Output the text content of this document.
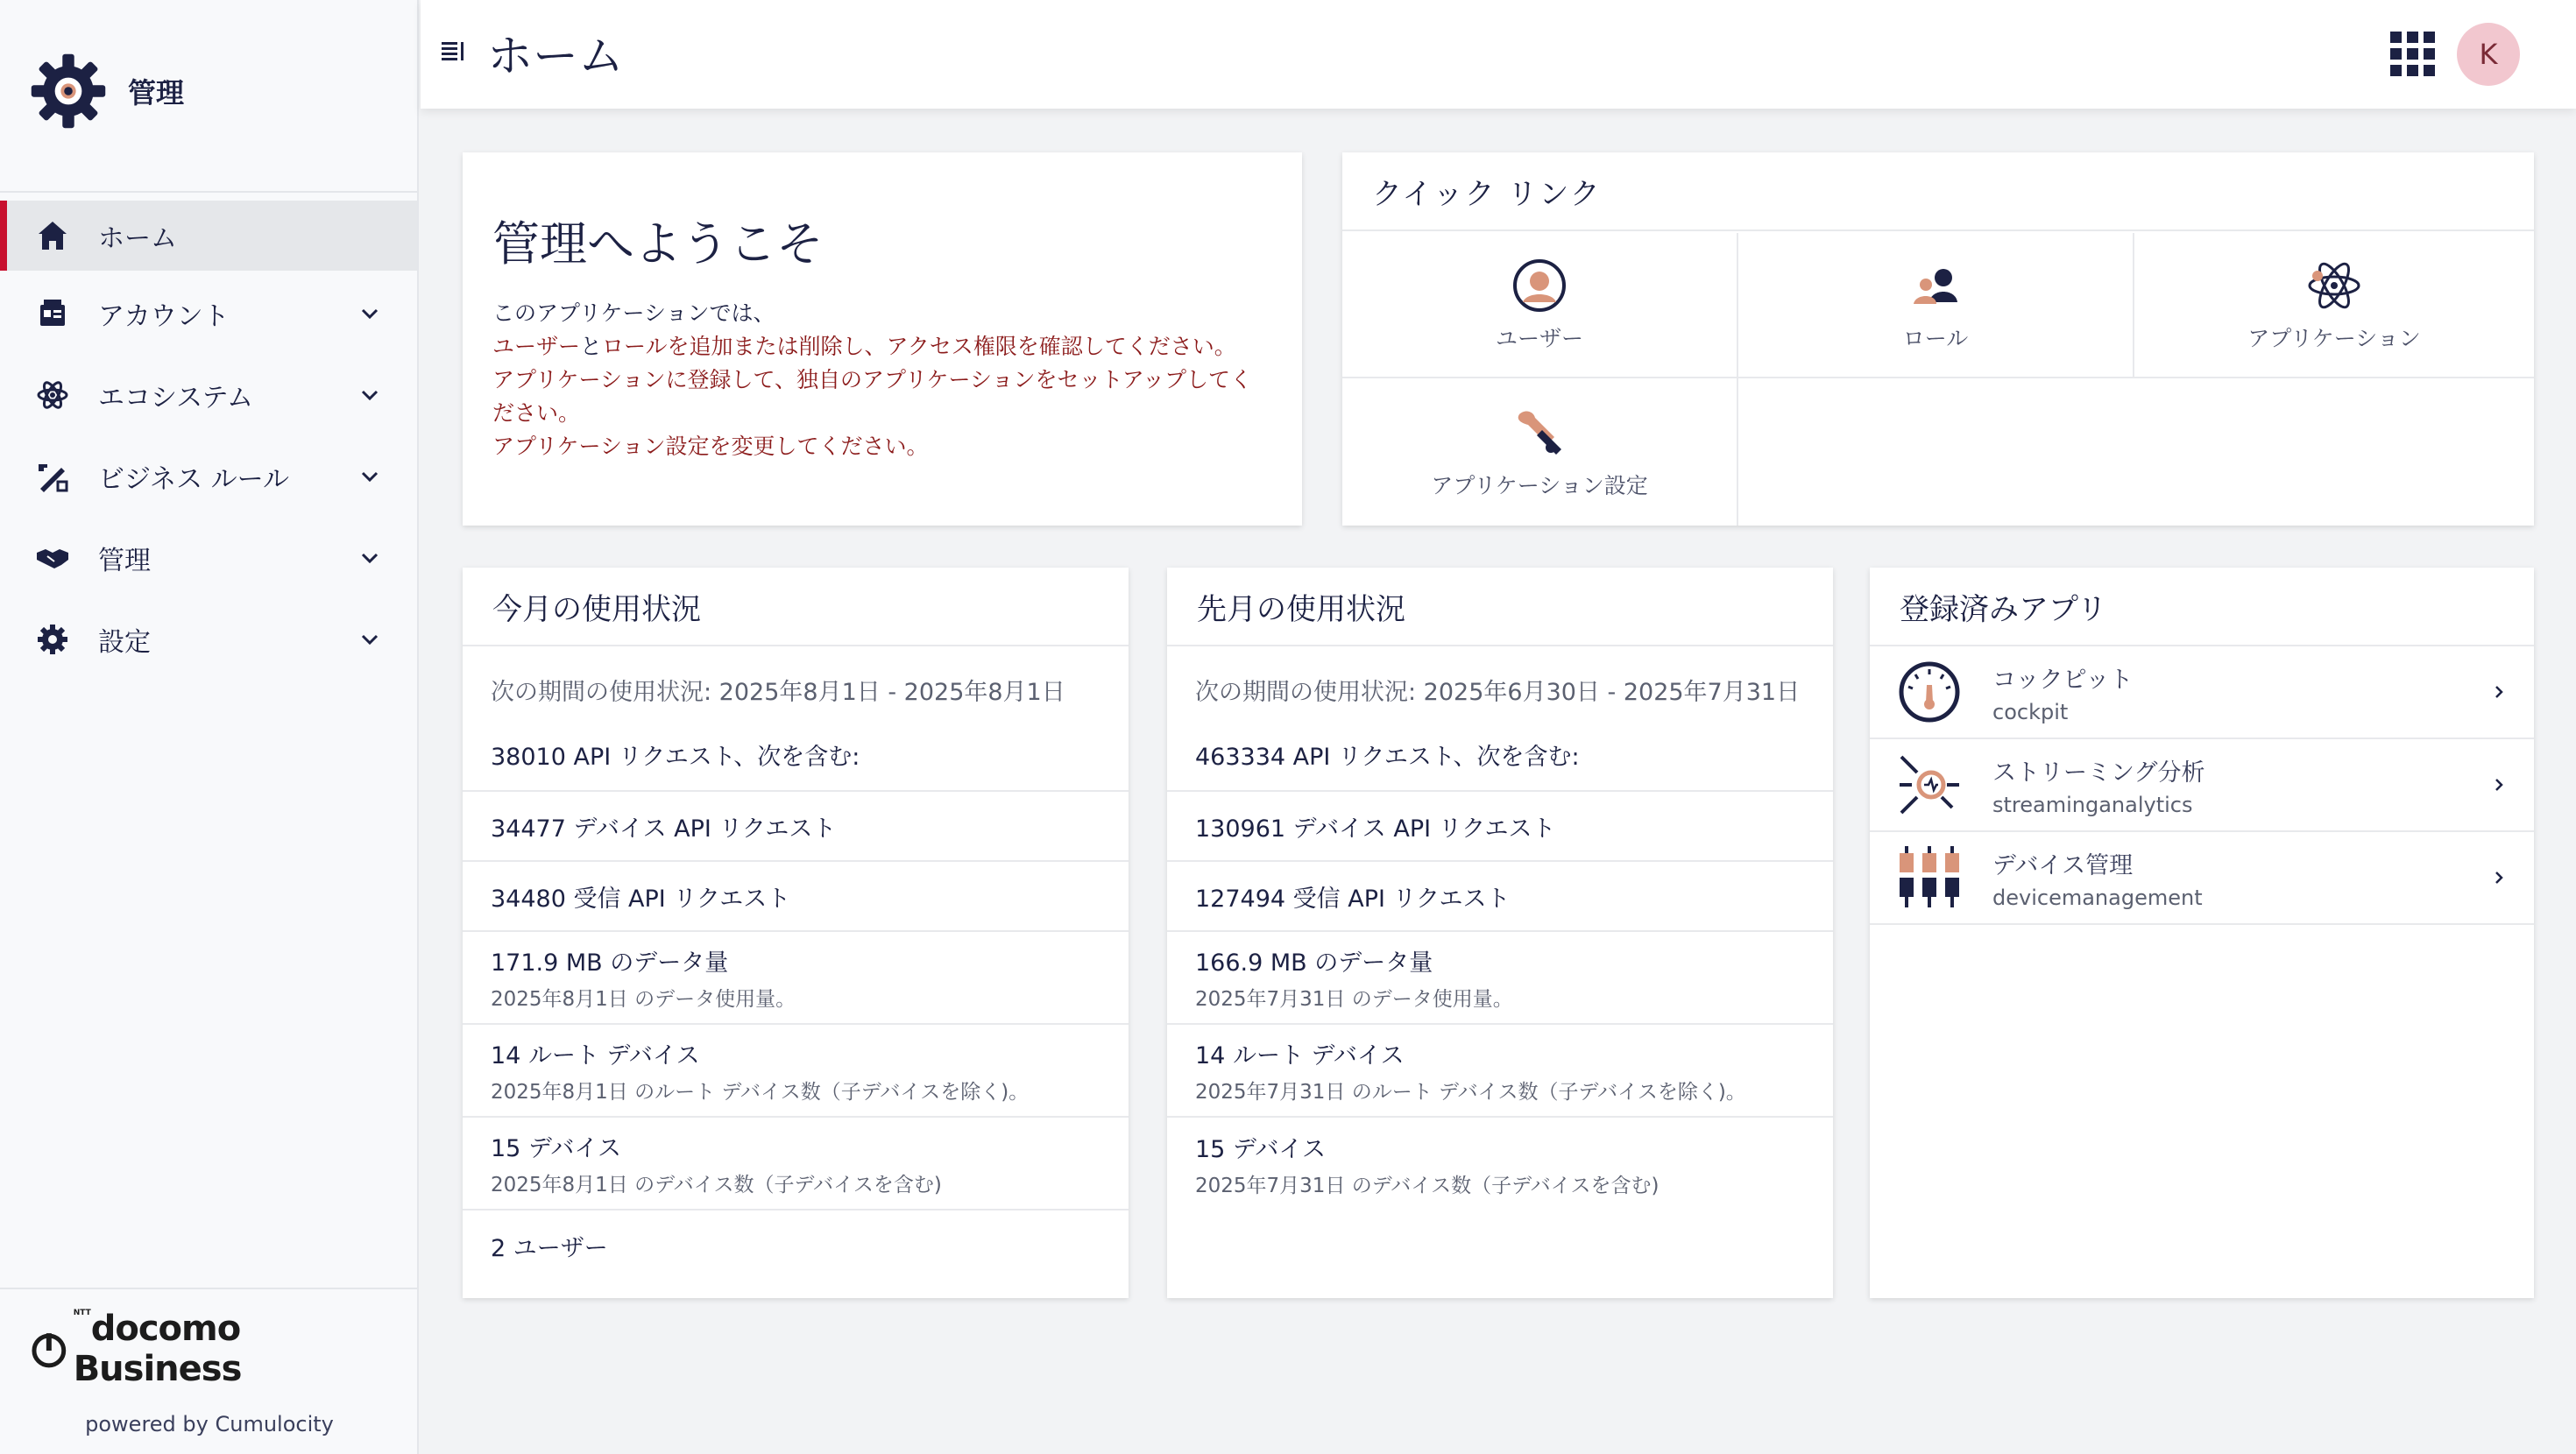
管理
ホーム
アカウント
エコシステム
ビジネス ルール
管理
設定
$^{NTT}$docomo Business
powered by Cumulocity
ホーム	K
管理へようこそ

このアプリケーションでは、
ユーザーとロールを追加または削除し、アクセス権限を確認してください。
アプリケーションに登録して、独自のアプリケーションをセットアップしてください。
アプリケーション設定を変更してください。

クイック リンク
ユーザー	ロール	アプリケーション
アプリケーション設定
今月の使用状況
次の期間の使用状況: 2025年8月1日 - 2025年8月1日
38010 API リクエスト、次を含む:
34477 デバイス API リクエスト
34480 受信 API リクエスト
171.9 MB のデータ量
2025年8月1日 のデータ使用量。
14 ルート デバイス
2025年8月1日 のルート デバイス数（子デバイスを除く)。
15 デバイス
2025年8月1日 のデバイス数（子デバイスを含む)
2 ユーザー
先月の使用状況
次の期間の使用状況: 2025年6月30日 - 2025年7月31日
463334 API リクエスト、次を含む:
130961 デバイス API リクエスト
127494 受信 API リクエスト
166.9 MB のデータ量
2025年7月31日 のデータ使用量。
14 ルート デバイス
2025年7月31日 のルート デバイス数（子デバイスを除く)。
15 デバイス
2025年7月31日 のデバイス数（子デバイスを含む)
登録済みアプリ
コックピット
cockpit
ストリーミング分析
streaminganalytics
デバイス管理
devicemanagement
